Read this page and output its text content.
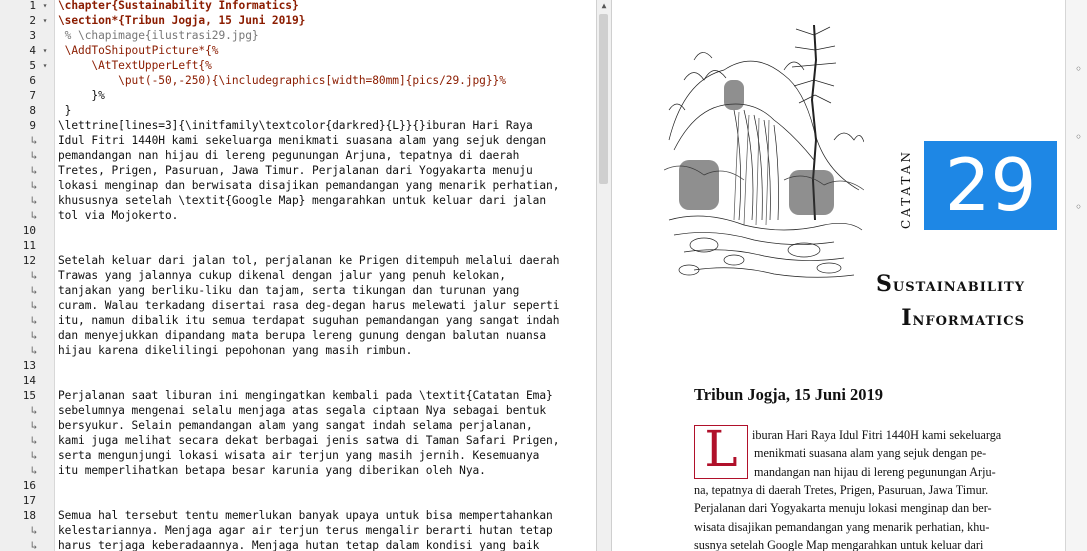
1 ▾ \chapter{Sustainability Informatics}
2 ▾ \section*{Tribun Jogja, 15 Juni 2019}
3 % \chapimage{ilustrasi29.jpg}
4 ▾ \AddToShipoutPicture*{%
5 ▾ \AtTextUpperLeft{%
6 \put(-50,-250){\includegraphics[width=80mm]{pics/29.jpg}}%
7 }%
8 }
9 \lettrine[lines=3]{\initfamily\textcolor{darkred}{L}}{}iburan Hari Raya
↳ Idul Fitri 1440H kami sekeluarga menikmati suasana alam yang sejuk dengan
↳ pemandangan nan hijau di lereng pegunungan Arjuna, tepatnya di daerah
↳ Tretes, Prigen, Pasuruan, Jawa Timur. Perjalanan dari Yogyakarta menuju
↳ lokasi menginap dan berwisata disajikan pemandangan yang menarik perhatian,
↳ khususnya setelah \textit{Google Map} mengarahkan untuk keluar dari jalan
↳ tol via Mojokerto.
10
11
12 Setelah keluar dari jalan tol, perjalanan ke Prigen ditempuh melalui daerah
↳ Trawas yang jalannya cukup dikenal dengan jalur yang penuh kelokan,
↳ tanjakan yang berliku-liku dan tajam, serta tikungan dan turunan yang
↳ curam. Walau terkadang disertai rasa deg-degan harus melewati jalur seperti
↳ itu, namun dibalik itu semua terdapat suguhan pemandangan yang sangat indah
↳ dan menyejukkan dipandang mata berupa lereng gunung dengan balutan nuansa
↳ hijau karena dikelilingi pepohonan yang masih rimbun.
13
14
15 Perjalanan saat liburan ini mengingatkan kembali pada \textit{Catatan Ema}
↳ sebelumnya mengenai selalu menjaga atas segala ciptaan Nya sebagai bentuk
↳ bersyukur. Selain pemandangan alam yang sangat indah selama perjalanan,
↳ kami juga melihat secara dekat berbagai jenis satwa di Taman Safari Prigen,
↳ serta mengunjungi lokasi wisata air terjun yang masih jernih. Kesemuanya
↳ itu memperlihatkan betapa besar karunia yang diberikan oleh Nya.
16
17
18 Semua hal tersebut tentu memerlukan banyak upaya untuk bisa mempertahankan
↳ kelestariannya. Menjaga agar air terjun terus mengalir berarti hutan tetap
↳ harus terjaga keberadaannya. Menjaga hutan tetap dalam kondisi yang baik
▲
CATATAN 29
Sustainability
Informatics
Tribun Jogja, 15 Juni 2019
L	iburan Hari Raya Idul Fitri 1440H kami sekeluarga
menikmati suasana alam yang sejuk dengan pe-
mandangan nan hijau di lereng pegunungan Arju-
na, tepatnya di daerah Tretes, Prigen, Pasuruan, Jawa Timur.
Perjalanan dari Yogyakarta menuju lokasi menginap dan ber-
wisata disajikan pemandangan yang menarik perhatian, khu-
susnya setelah Google Map mengarahkan untuk keluar dari
◦
◦
◦
